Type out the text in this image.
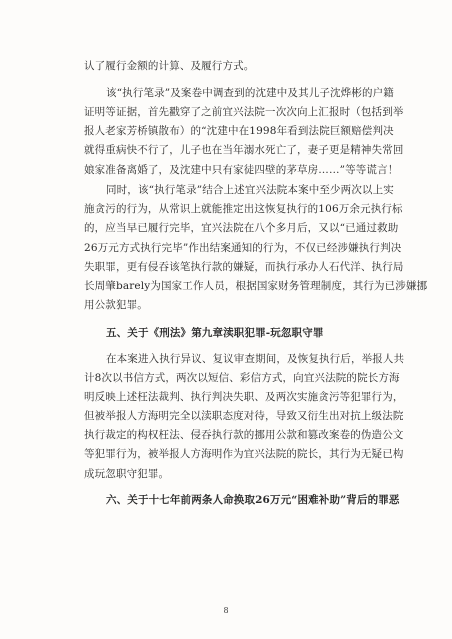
认了履行金额的计算、及履行方式。
该“执行笔录”及案卷中调查到的沈建中及其儿子沈烨彬的户籍
证明等证据，首先戳穿了之前宜兴法院一次次向上汇报时（包括到举
报人老家芳桥镇散布）的“沈建中在1998年看到法院巨额赔偿判决
就得重病快不行了，儿子也在当年溺水死亡了，妻子更是精神失常回
娘家准备离婚了，及沈建中只有家徒四壁的茅草房……”等等谎言！
同时，该“执行笔录”结合上述宜兴法院本案中至少两次以上实
施贪污的行为，从常识上就能推定出这恢复执行的106万余元执行标
的，应当早已履行完毕，宜兴法院在八个多月后，又以“已通过救助
26万元方式执行完毕”作出结案通知的行为，不仅已经涉嫌执行判决
失职罪，更有侵吞该笔执行款的嫌疑，而执行承办人石代洋、执行局
长周肇barely为国家工作人员，根据国家财务管理制度，其行为已涉嫌挪
用公款犯罪。
五、关于《刑法》第九章渎职犯罪-玩忽职守罪
在本案进入执行异议、复议审查期间，及恢复执行后，举报人共
计8次以书信方式，两次以短信、彩信方式，向宜兴法院的院长方海
明反映上述枉法裁判、执行判决失职、及两次实施贪污等犯罪行为，
但被举报人方海明完全以渎职态度对待，导致又衍生出对抗上级法院
执行裁定的构权枉法、侵吞执行款的挪用公款和篡改案卷的伪造公文
等犯罪行为，被举报人方海明作为宜兴法院的院长，其行为无疑已构
成玩忽职守犯罪。
六、关于十七年前两条人命换取26万元“困难补助”背后的罪恶
8
